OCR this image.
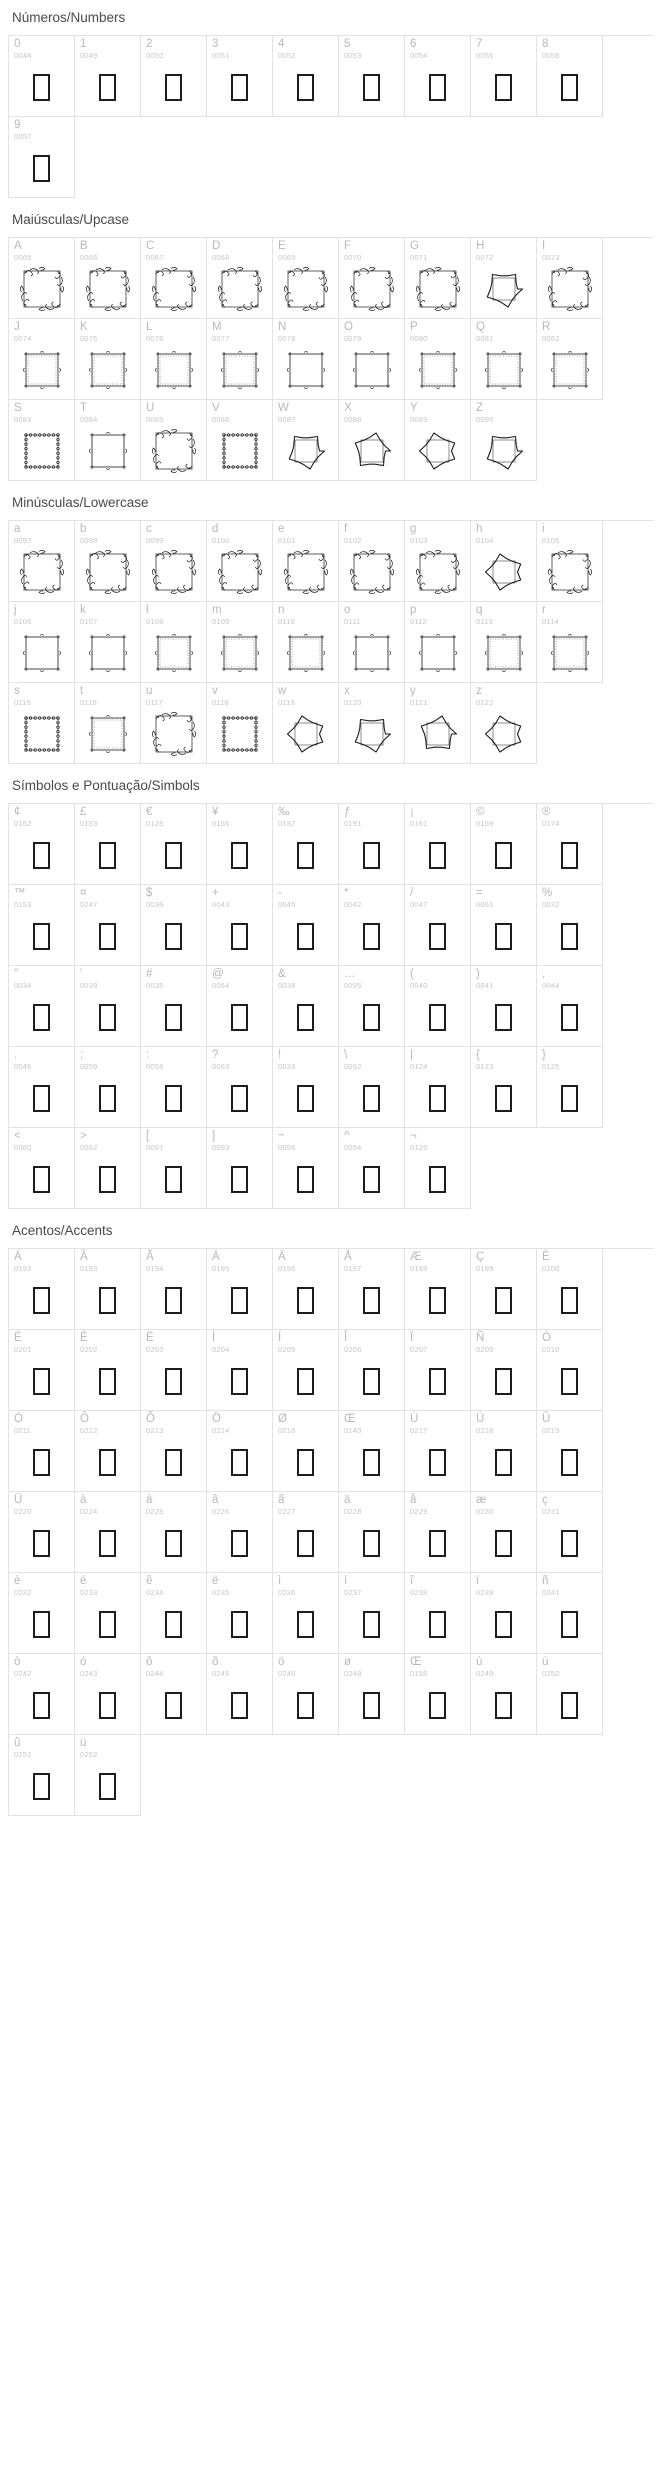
Números/Numbers
0
0048
1
0049
2
0050
3
0051
4
0052
5
0053
6
0054
7
0055
8
0056
9
0057
Maiúsculas/Upcase
A
0065
B
0066
C
0067
D
0068
E
0069
F
0070
G
0071
H
0072
I
0073
J
0074
K
0075
L
0076
M
0077
N
0078
O
0079
P
0080
Q
0081
R
0082
S
0083
T
0084
U
0085
V
0086
W
0087
X
0088
Y
0089
Z
0090
Minúsculas/Lowercase
a
0097
b
0098
c
0099
d
0100
e
0101
f
0102
g
0103
h
0104
i
0105
j
0106
k
0107
l
0108
m
0109
n
0110
o
0111
p
0112
q
0113
r
0114
s
0115
t
0116
u
0117
v
0118
w
0119
x
0120
y
0121
z
0122
Símbolos e Pontuação/Simbols
¢
0162
£
0163
€
0128
¥
0165
‰
0137
ƒ
0191
¡
0161
©
0169
®
0174
™
0153
¤
0247
$
0036
+
0043
-
0045
*
0042
/
0047
=
0061
%
0032
"
0034
'
0039
#
0035
@
0064
&
0038
…
0095
(
0040
)
0041
,
0044
.
0046
;
0059
:
0058
?
0063
!
0033
\
0092
|
0124
{
0123
}
0125
<
0060
>
0062
[
0091
]
0093
~
0096
^
0094
¬
0126
Acentos/Accents
Á
0193
Â
0193
Ã
0194
Ä
0195
Ä
0196
Å
0197
Æ
0198
Ç
0199
È
0200
É
0201
Ê
0202
Ë
0203
Ì
0204
Í
0205
Î
0206
Ï
0207
Ñ
0209
Ò
0210
Ó
0211
Ô
0212
Õ
0213
Ö
0214
Ø
0216
Œ
0140
Ù
0217
Ú
0218
Û
0219
Ü
0220
à
0224
á
0225
â
0226
ã
0227
ä
0228
å
0229
æ
0230
ç
0231
è
0232
é
0233
ê
0234
ë
0235
ì
0236
í
0237
î
0238
ï
0239
ñ
0241
ò
0242
ó
0243
ô
0244
õ
0245
ö
0246
ø
0248
Œ
0156
ù
0249
ú
0250
û
0251
ü
0252
